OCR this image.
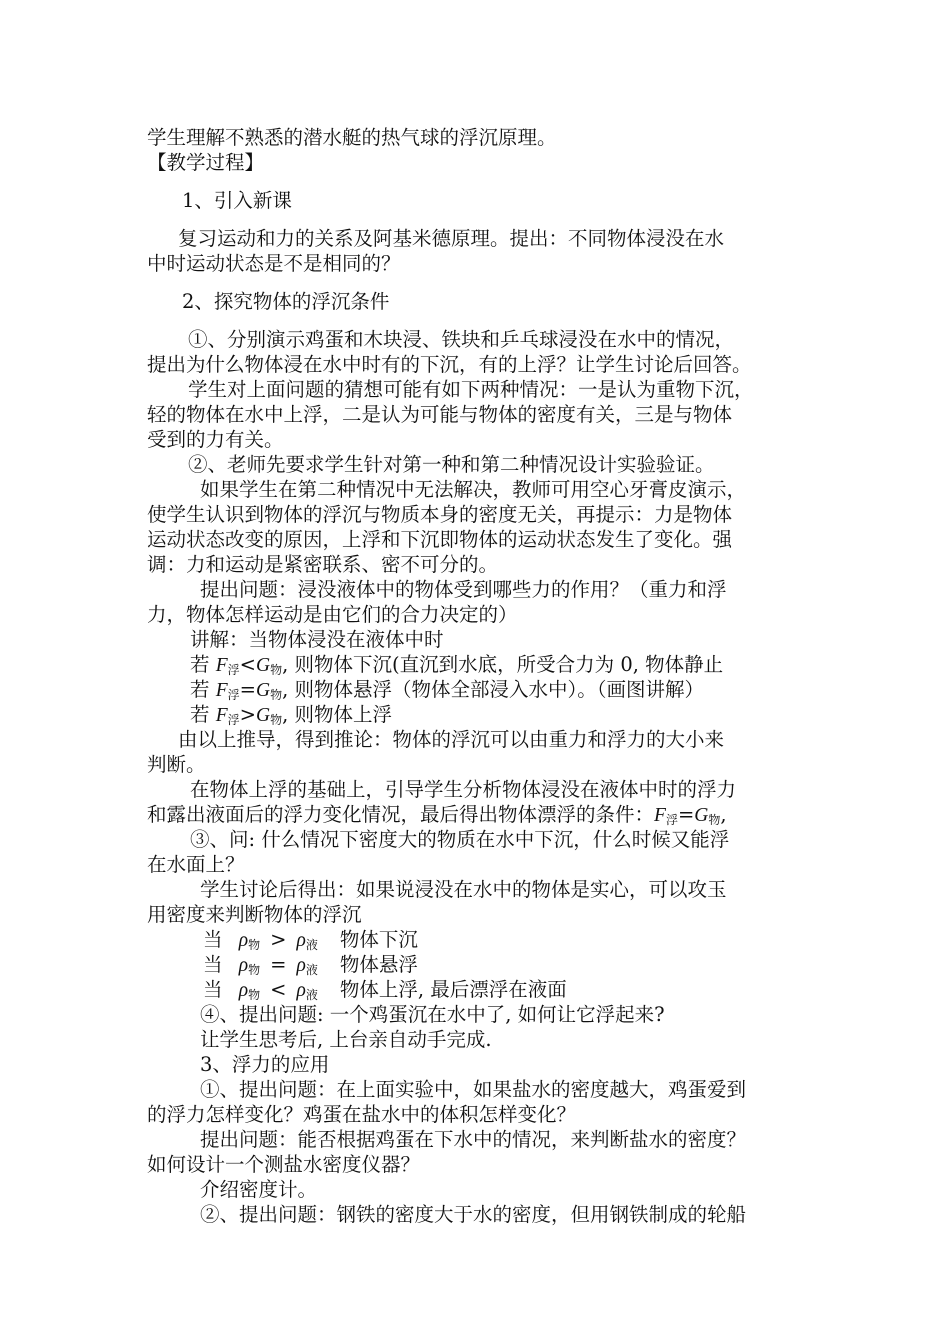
学生理解不熟悉的潜水艇的热气球的浮沉原理。
【教学过程】
1、引入新课
复习运动和力的关系及阿基米德原理。提出：不同物体浸没在水
中时运动状态是不是相同的？
2、探究物体的浮沉条件
①、分别演示鸡蛋和木块浸、铁块和乒乓球浸没在水中的情况，
提出为什么物体浸在水中时有的下沉，有的上浮？让学生讨论后回答。
学生对上面问题的猜想可能有如下两种情况：一是认为重物下沉，
轻的物体在水中上浮，二是认为可能与物体的密度有关，三是与物体
受到的力有关。
②、老师先要求学生针对第一种和第二种情况设计实验验证。
如果学生在第二种情况中无法解决，教师可用空心牙膏皮演示，
使学生认识到物体的浮沉与物质本身的密度无关，再提示：力是物体
运动状态改变的原因，上浮和下沉即物体的运动状态发生了变化。强
调：力和运动是紧密联系、密不可分的。
提出问题：浸没液体中的物体受到哪些力的作用？（重力和浮
力，物体怎样运动是由它们的合力决定的）
讲解：当物体浸没在液体中时
若 $F_浮<G_物$, 则物体下沉(直沉到水底，所受合力为 0, 物体静止
若 $F_浮=G_物$, 则物体悬浮（物体全部浸入水中）。（画图讲解）
若 $F_浮>G_物$, 则物体上浮
由以上推导，得到推论：物体的浮沉可以由重力和浮力的大小来
判断。
在物体上浮的基础上，引导学生分析物体浸没在液体中时的浮力
和露出液面后的浮力变化情况，最后得出物体漂浮的条件：$F_浮=G_物$,
③、问: 什么情况下密度大的物质在水中下沉，什么时候又能浮
在水面上？
学生讨论后得出：如果说浸没在水中的物体是实心，可以攻玉
用密度来判断物体的浮沉
当 $\rho_物 > \rho_液$ 物体下沉
当 $\rho_物 = \rho_液$ 物体悬浮
当 $\rho_物 < \rho_液$ 物体上浮, 最后漂浮在液面
④、提出问题: 一个鸡蛋沉在水中了, 如何让它浮起来?
让学生思考后, 上台亲自动手完成.
3、浮力的应用
①、提出问题：在上面实验中，如果盐水的密度越大，鸡蛋爱到
的浮力怎样变化？鸡蛋在盐水中的体积怎样变化？
提出问题：能否根据鸡蛋在下水中的情况，来判断盐水的密度？
如何设计一个测盐水密度仪器？
介绍密度计。
②、提出问题：钢铁的密度大于水的密度，但用钢铁制成的轮船
